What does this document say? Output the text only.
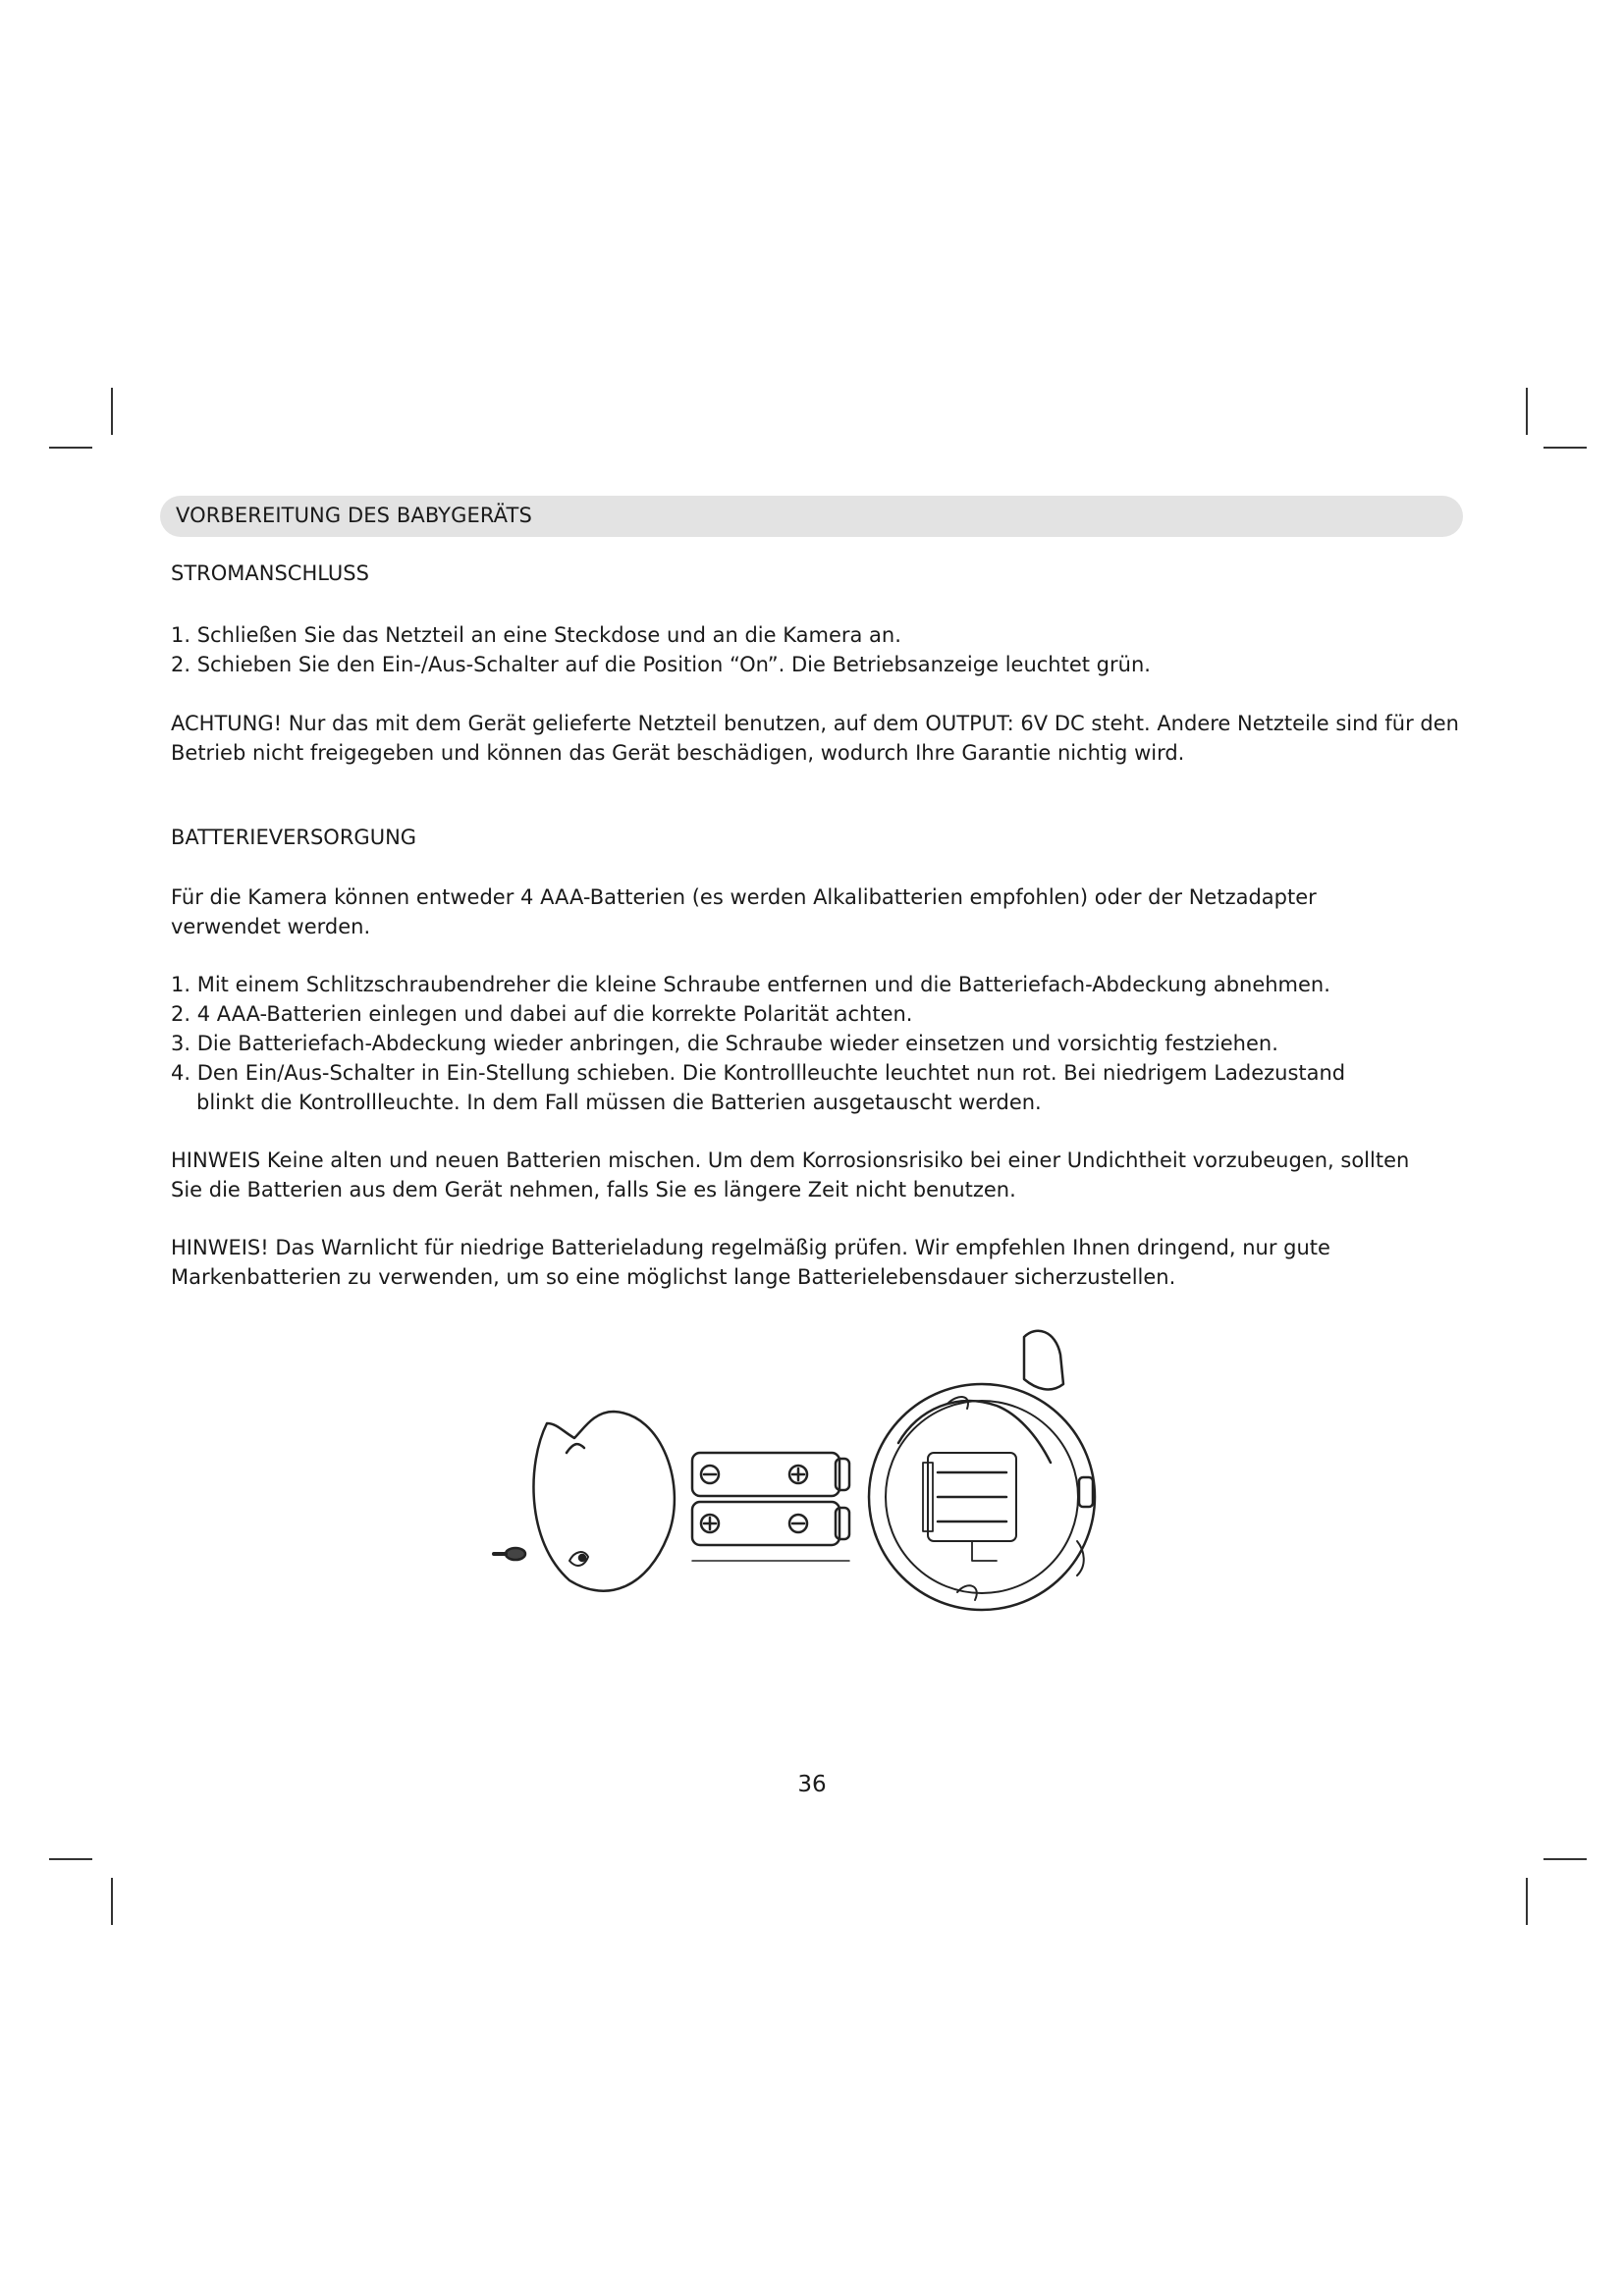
VORBEREITUNG DES BABYGERÄTS
STROMANSCHLUSS

1. Schließen Sie das Netzteil an eine Steckdose und an die Kamera an.

2. Schieben Sie den Ein-/Aus-Schalter auf die Position “On”. Die Betriebsanzeige leuchtet grün.

ACHTUNG! Nur das mit dem Gerät gelieferte Netzteil benutzen, auf dem OUTPUT: 6V DC steht. Andere Netzteile sind für den Betrieb nicht freigegeben und können das Gerät beschädigen, wodurch Ihre Garantie nichtig wird.

BATTERIEVERSORGUNG

Für die Kamera können entweder 4 AAA-Batterien (es werden Alkalibatterien empfohlen) oder der Netzadapter verwendet werden.

1. Mit einem Schlitzschraubendreher die kleine Schraube entfernen und die Batteriefach-Abdeckung abnehmen.

2. 4 AAA-Batterien einlegen und dabei auf die korrekte Polarität achten.

3. Die Batteriefach-Abdeckung wieder anbringen, die Schraube wieder einsetzen und vorsichtig festziehen.

4. Den Ein/Aus-Schalter in Ein-Stellung schieben. Die Kontrollleuchte leuchtet nun rot. Bei niedrigem Ladezustand blinkt die Kontrollleuchte. In dem Fall müssen die Batterien ausgetauscht werden.

HINWEIS Keine alten und neuen Batterien mischen. Um dem Korrosionsrisiko bei einer Undichtheit vorzubeugen, sollten Sie die Batterien aus dem Gerät nehmen, falls Sie es längere Zeit nicht benutzen.

HINWEIS! Das Warnlicht für niedrige Batterieladung regelmäßig prüfen. Wir empfehlen Ihnen dringend, nur gute Markenbatterien zu verwenden, um so eine möglichst lange Batterielebensdauer sicherzustellen.

36
